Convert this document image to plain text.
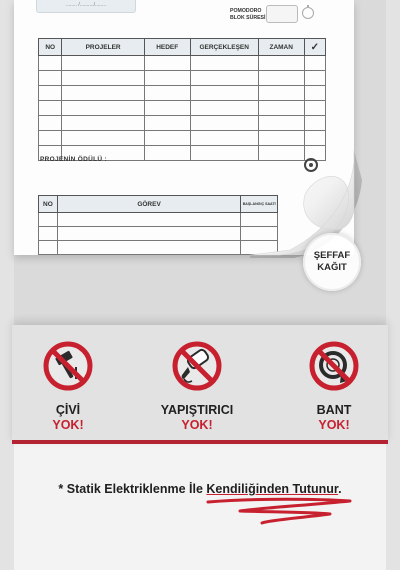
........ /........../........
POMODORO
BLOK SÜRESİ
NO	PROJELER	HEDEF	GERÇEKLEŞEN	ZAMAN	✓

PROJENİN ÖDÜLÜ :
NO	GÖREV	BAŞLANGIÇ SAATİ

ŞEFFAF
KAĞIT
ÇİVİ
YOK!
YAPIŞTIRICI
YOK!
BANT
YOK!
* Statik Elektriklenme İle Kendiliğinden Tutunur.
